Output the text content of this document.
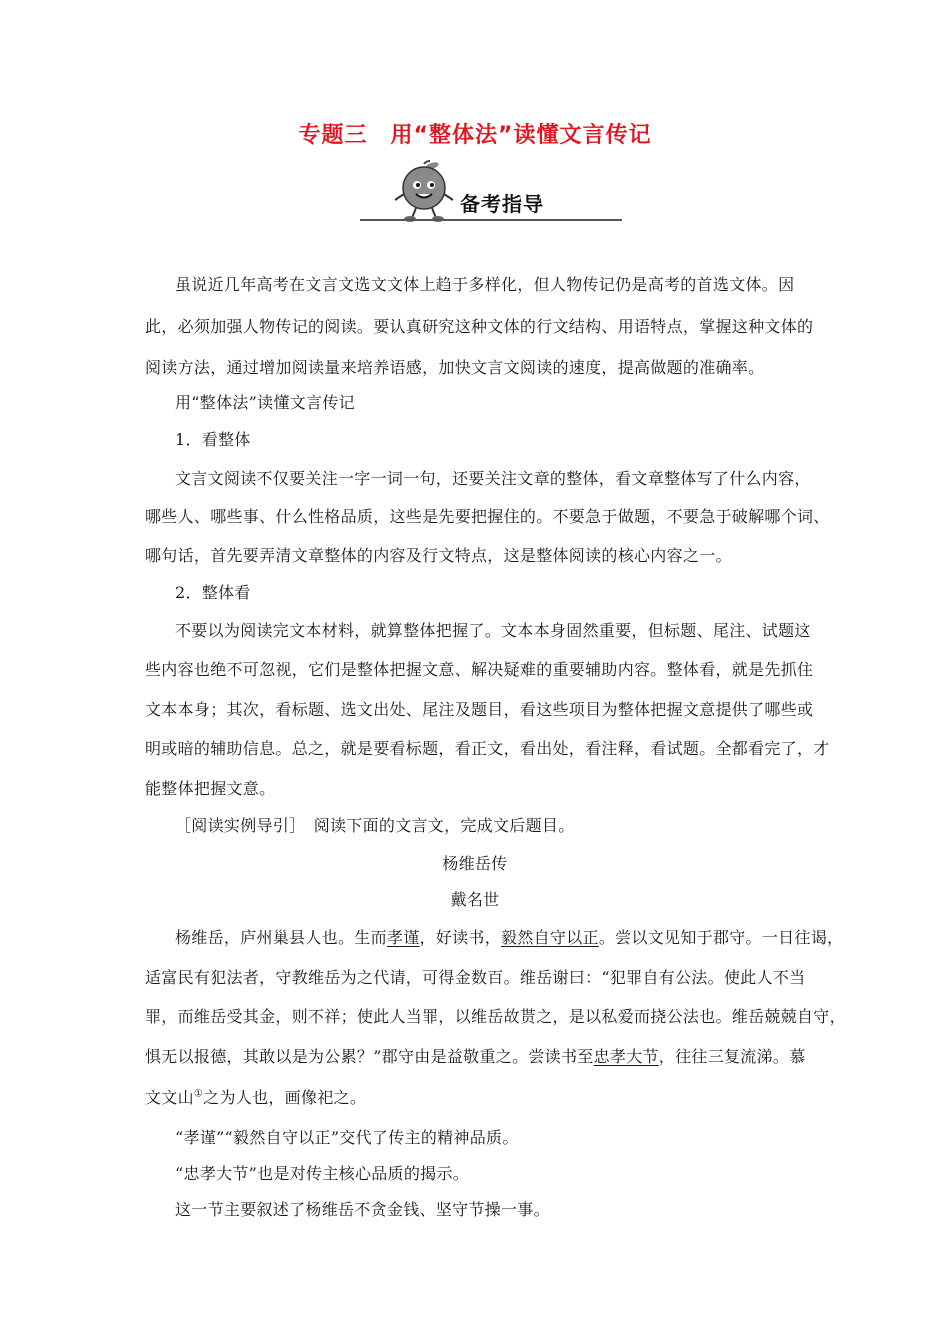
专题三　用“整体法”读懂文言传记
备考指导

虽说近几年高考在文言文选文文体上趋于多样化，但人物传记仍是高考的首选文体。因

此，必须加强人物传记的阅读。要认真研究这种文体的行文结构、用语特点，掌握这种文体的

阅读方法，通过增加阅读量来培养语感，加快文言文阅读的速度，提高做题的准确率。

用“整体法”读懂文言传记

1．看整体

文言文阅读不仅要关注一字一词一句，还要关注文章的整体，看文章整体写了什么内容，

哪些人、哪些事、什么性格品质，这些是先要把握住的。不要急于做题，不要急于破解哪个词、

哪句话，首先要弄清文章整体的内容及行文特点，这是整体阅读的核心内容之一。

2．整体看

不要以为阅读完文本材料，就算整体把握了。文本本身固然重要，但标题、尾注、试题这

些内容也绝不可忽视，它们是整体把握文意、解决疑难的重要辅助内容。整体看，就是先抓住

文本本身；其次，看标题、选文出处、尾注及题目，看这些项目为整体把握文意提供了哪些或

明或暗的辅助信息。总之，就是要看标题，看正文，看出处，看注释，看试题。全都看完了，才

能整体把握文意。

［阅读实例导引］　阅读下面的文言文，完成文后题目。

杨维岳传

戴名世

杨维岳，庐州巢县人也。生而孝谨，好读书，毅然自守以正。尝以文见知于郡守。一日往谒，

适富民有犯法者，守教维岳为之代请，可得金数百。维岳谢曰：“犯罪自有公法。使此人不当

罪，而维岳受其金，则不祥；使此人当罪，以维岳故贳之，是以私爱而挠公法也。维岳兢兢自守，

惧无以报德，其敢以是为公累？”郡守由是益敬重之。尝读书至忠孝大节，往往三复流涕。慕

文文山①之为人也，画像祀之。

“孝谨”“毅然自守以正”交代了传主的精神品质。

“忠孝大节”也是对传主核心品质的揭示。

这一节主要叙述了杨维岳不贪金钱、坚守节操一事。
